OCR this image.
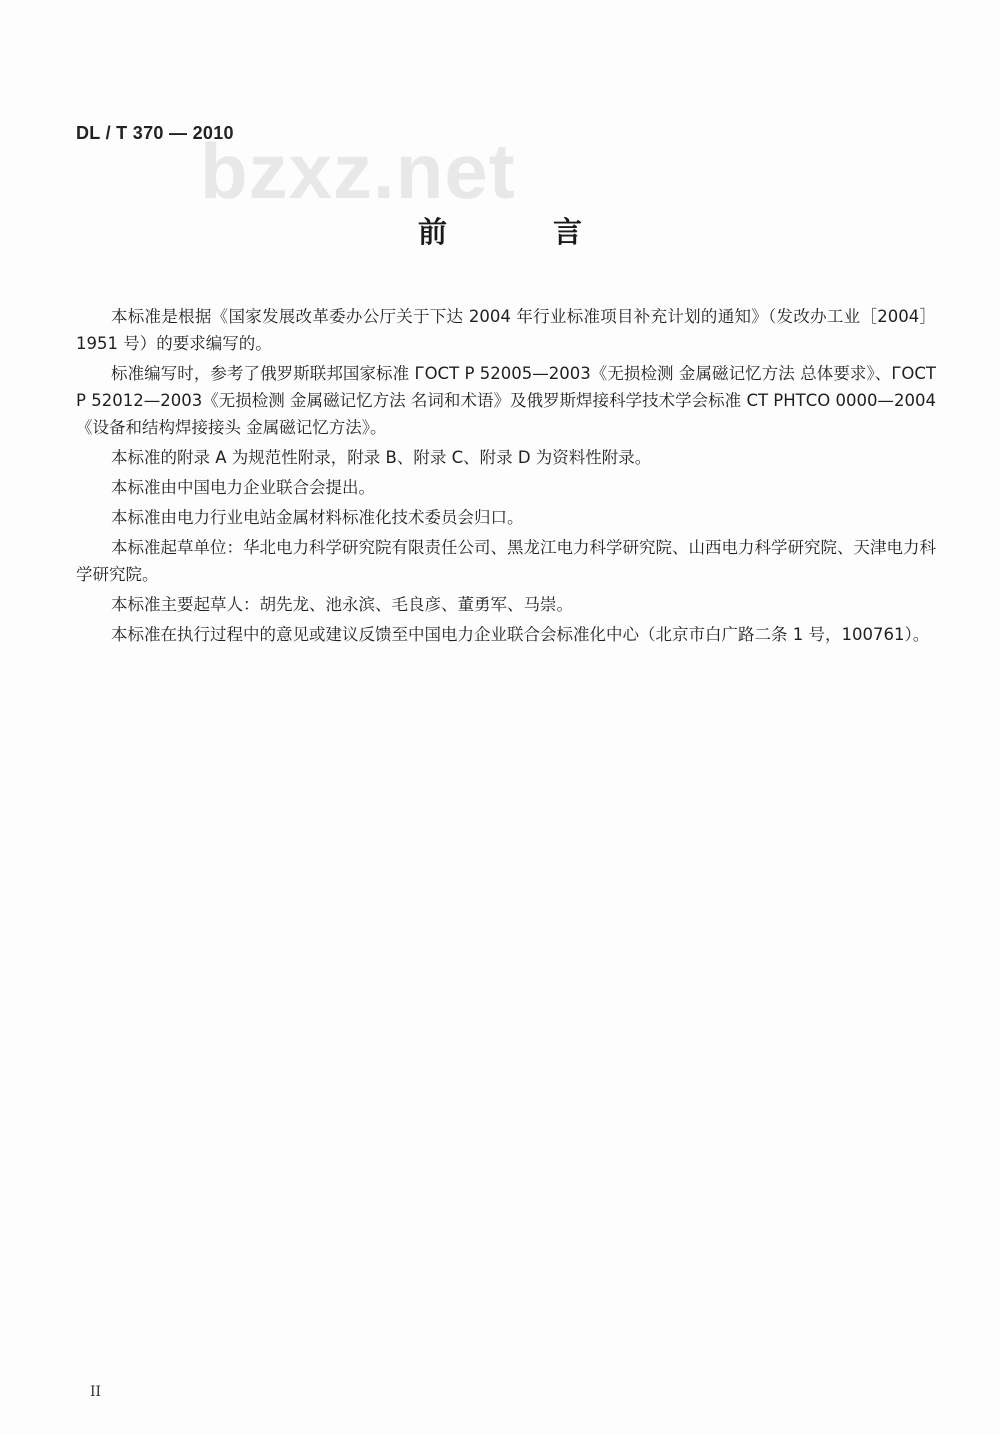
DL / T 370 — 2010
bzxz.net
前 言

本标准是根据《国家发展改革委办公厅关于下达 2004 年行业标准项目补充计划的通知》（发改办工业［2004］1951 号）的要求编写的。

标准编写时，参考了俄罗斯联邦国家标准 ГОСТ Р 52005—2003《无损检测 金属磁记忆方法 总体要求》、ГОСТ Р 52012—2003《无损检测 金属磁记忆方法 名词和术语》及俄罗斯焊接科学技术学会标准 СТ РНТСО 0000—2004《设备和结构焊接接头 金属磁记忆方法》。

本标准的附录 A 为规范性附录，附录 B、附录 C、附录 D 为资料性附录。

本标准由中国电力企业联合会提出。

本标准由电力行业电站金属材料标准化技术委员会归口。

本标准起草单位：华北电力科学研究院有限责任公司、黑龙江电力科学研究院、山西电力科学研究院、天津电力科学研究院。

本标准主要起草人：胡先龙、池永滨、毛良彦、董勇军、马崇。

本标准在执行过程中的意见或建议反馈至中国电力企业联合会标准化中心（北京市白广路二条 1 号，100761）。

II
